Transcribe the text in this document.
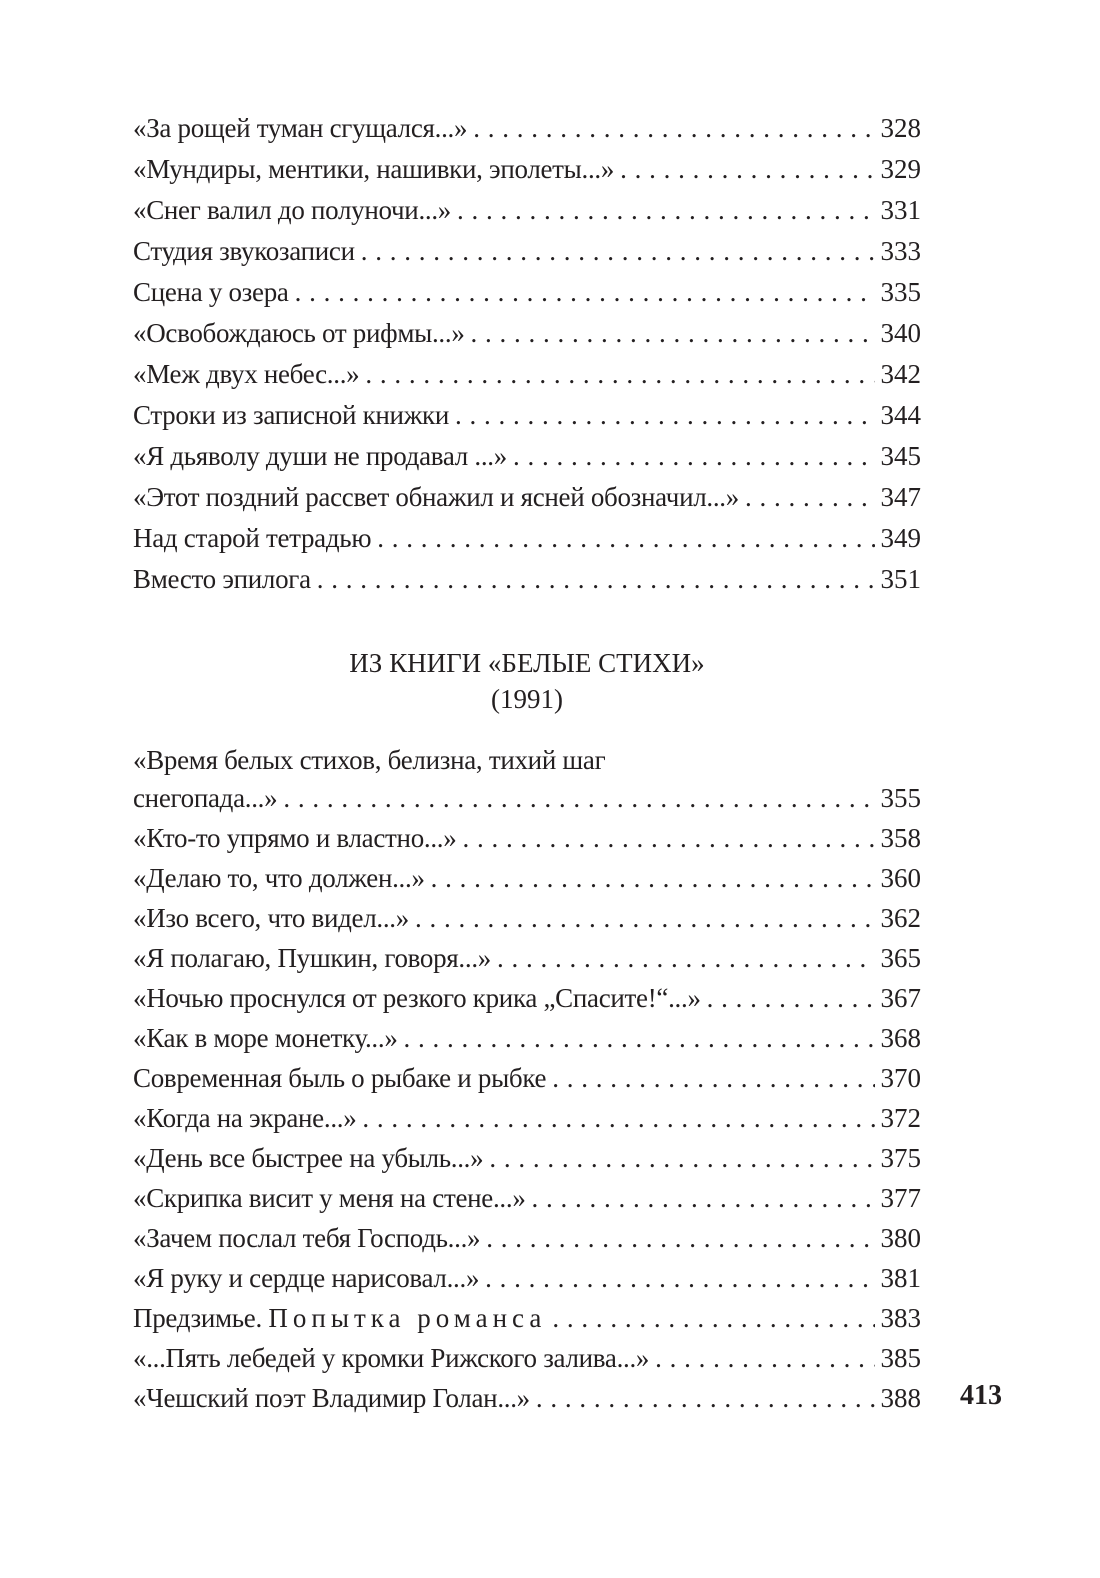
«За рощей туман сгущался...» . . .	328
«Мундиры, ментики, нашивки, эполеты...» . . .	329
«Снег валил до полуночи...» . . .	331
Студия звукозаписи . . .	333
Сцена у озера . . .	335
«Освобождаюсь от рифмы...» . . .	340
«Меж двух небес...» . . .	342
Строки из записной книжки . . .	344
«Я дьяволу души не продавал ...» . . .	345
«Этот поздний рассвет обнажил и ясней обозначил...» . . .	347
Над старой тетрадью . . .	349
Вместо эпилога . . .	351
ИЗ КНИГИ «БЕЛЫЕ СТИХИ»
(1991)
«Время белых стихов, белизна, тихий шаг
снегопада...» . . .	355
«Кто-то упрямо и властно...» . . .	358
«Делаю то, что должен...» . . .	360
«Изо всего, что видел...» . . .	362
«Я полагаю, Пушкин, говоря...» . . .	365
«Ночью проснулся от резкого крика „Спасите!“...» . . .	367
«Как в море монетку...» . . .	368
Современная быль о рыбаке и рыбке . . .	370
«Когда на экране...» . . .	372
«День все быстрее на убыль...» . . .	375
«Скрипка висит у меня на стене...» . . .	377
«Зачем послал тебя Господь...» . . .	380
«Я руку и сердце нарисовал...» . . .	381
Предзимье. Попытка романса . . .	383
«...Пять лебедей у кромки Рижского залива...» . . .	385
«Чешский поэт Владимир Голан...» . . .	388 413
